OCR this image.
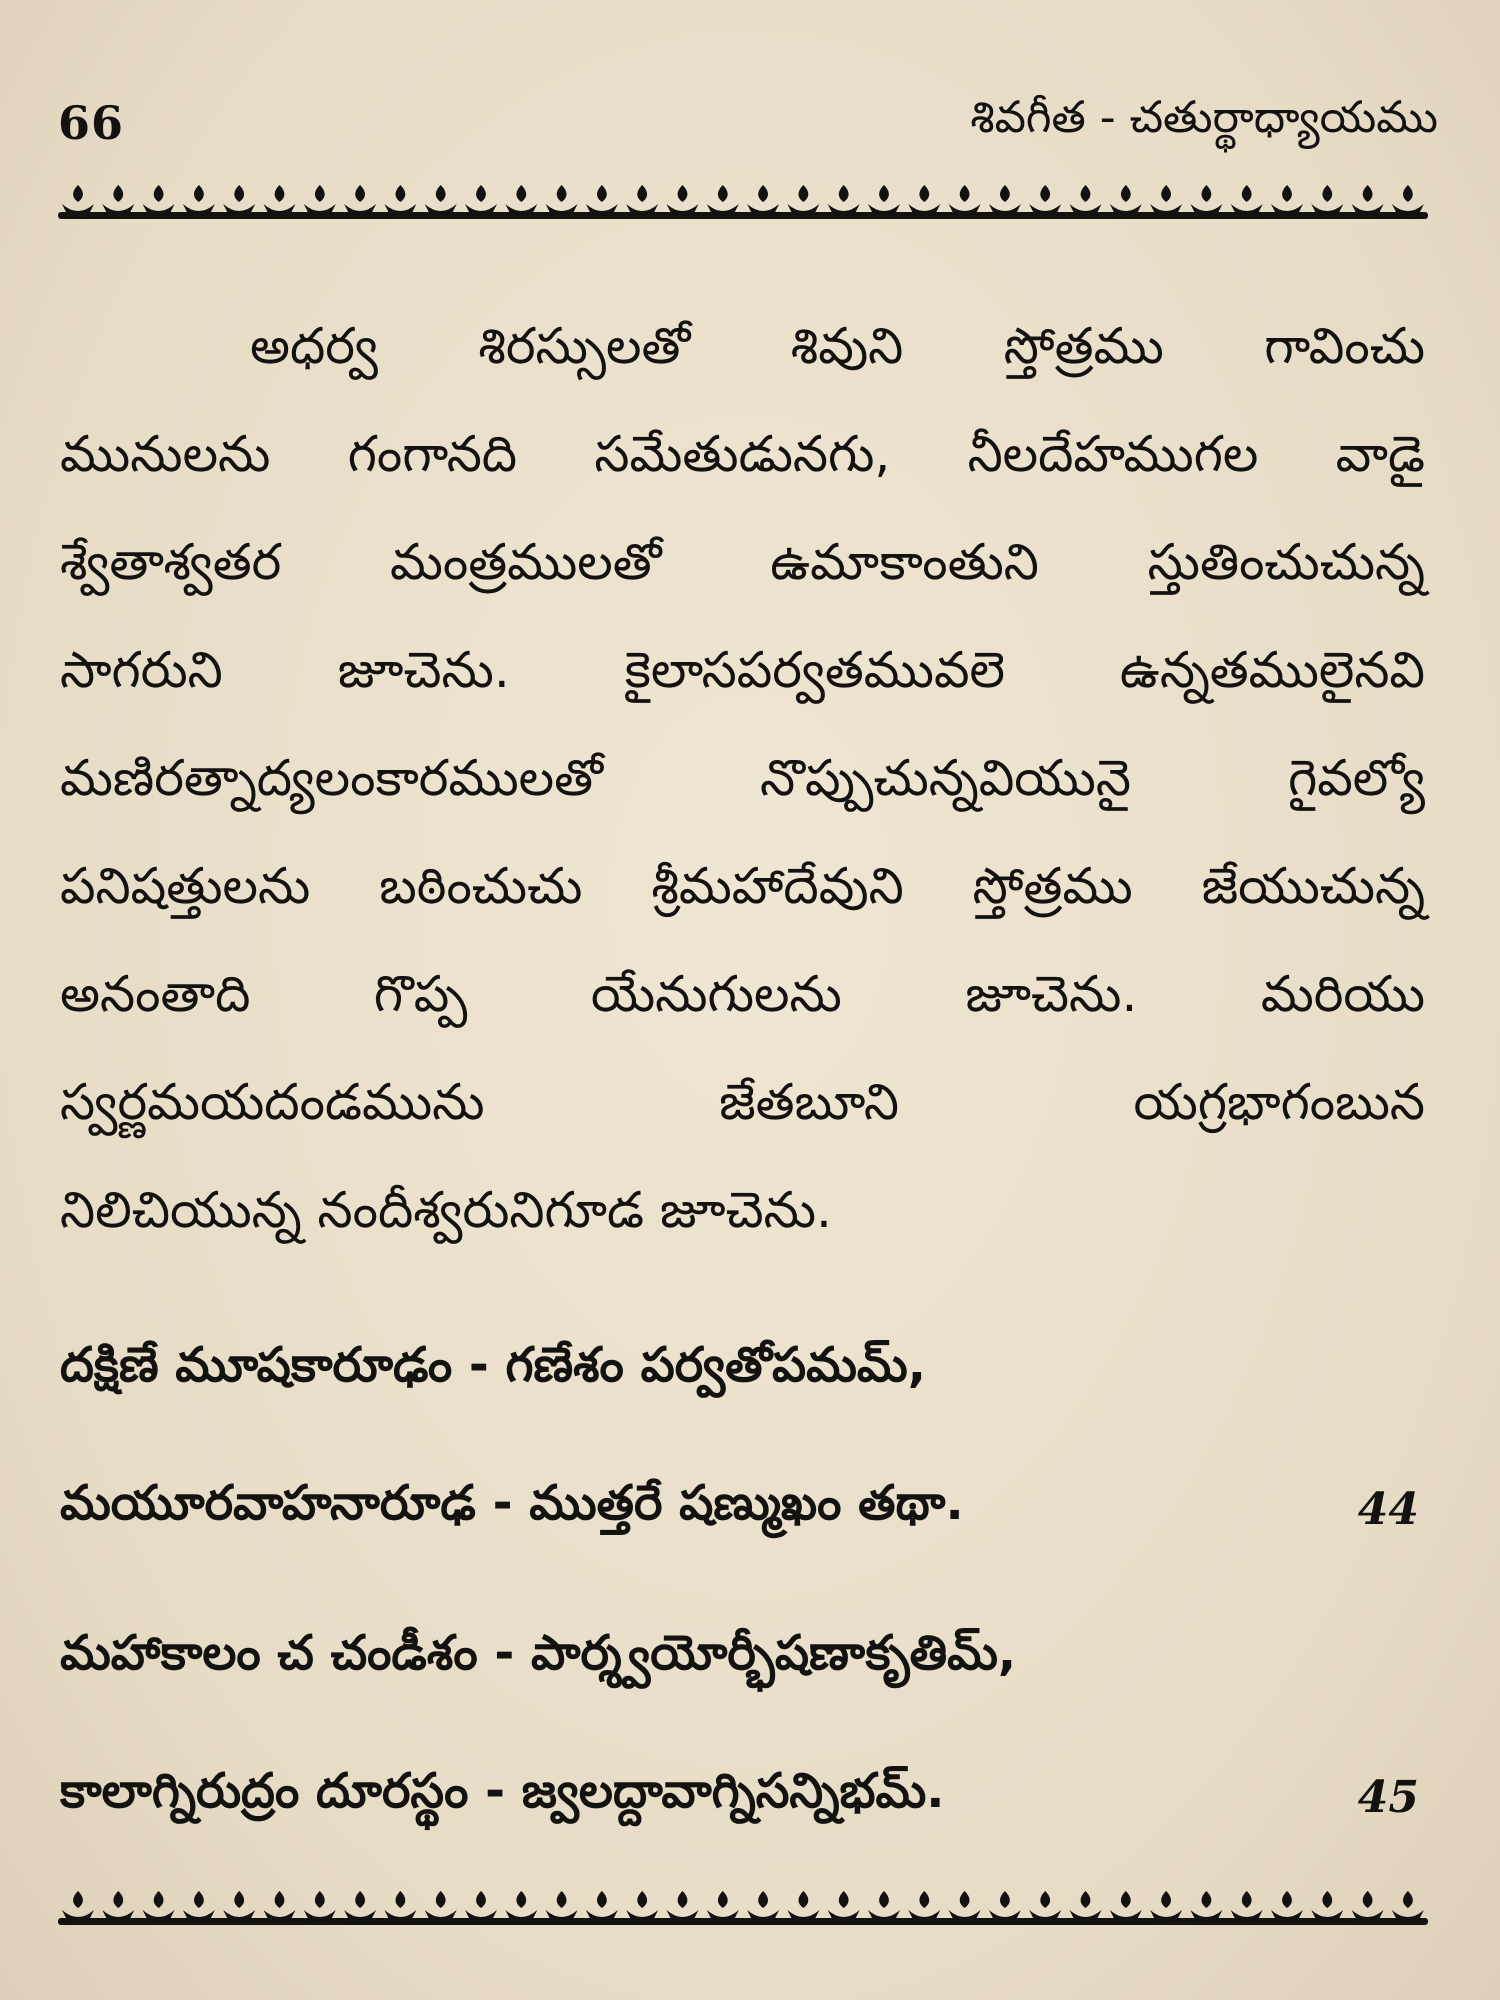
66	శివగీత - చతుర్థాధ్యాయము
అధర్వ శిరస్సులతో శివుని స్తోత్రము గావించు
మునులను గంగానది సమేతుడునగు, నీలదేహముగల వాడై
శ్వేతాశ్వతర మంత్రములతో ఉమాకాంతుని స్తుతించుచున్న
సాగరుని జూచెను. కైలాసపర్వతమువలె ఉన్నతములైనవి
మణిరత్నాద్యలంకారములతో నొప్పుచున్నవియునై గైవల్యో
పనిషత్తులను బఠించుచు శ్రీమహాదేవుని స్తోత్రము జేయుచున్న
అనంతాది గొప్ప యేనుగులను జూచెను. మరియు
స్వర్ణమయదండమును జేతబూని యగ్రభాగంబున
నిలిచియున్న నందీశ్వరునిగూడ జూచెను.
దక్షిణే మూషకారూఢం - గణేశం పర్వతోపమమ్,
మయూరవాహనారూఢ - ముత్తరే షణ్ముఖం తథా.	44
మహాకాలం చ చండీశం - పార్శ్వయోర్భీషణాకృతిమ్,
కాలాగ్నిరుద్రం దూరస్థం - జ్వలద్దావాగ్నిసన్నిభమ్.	45
